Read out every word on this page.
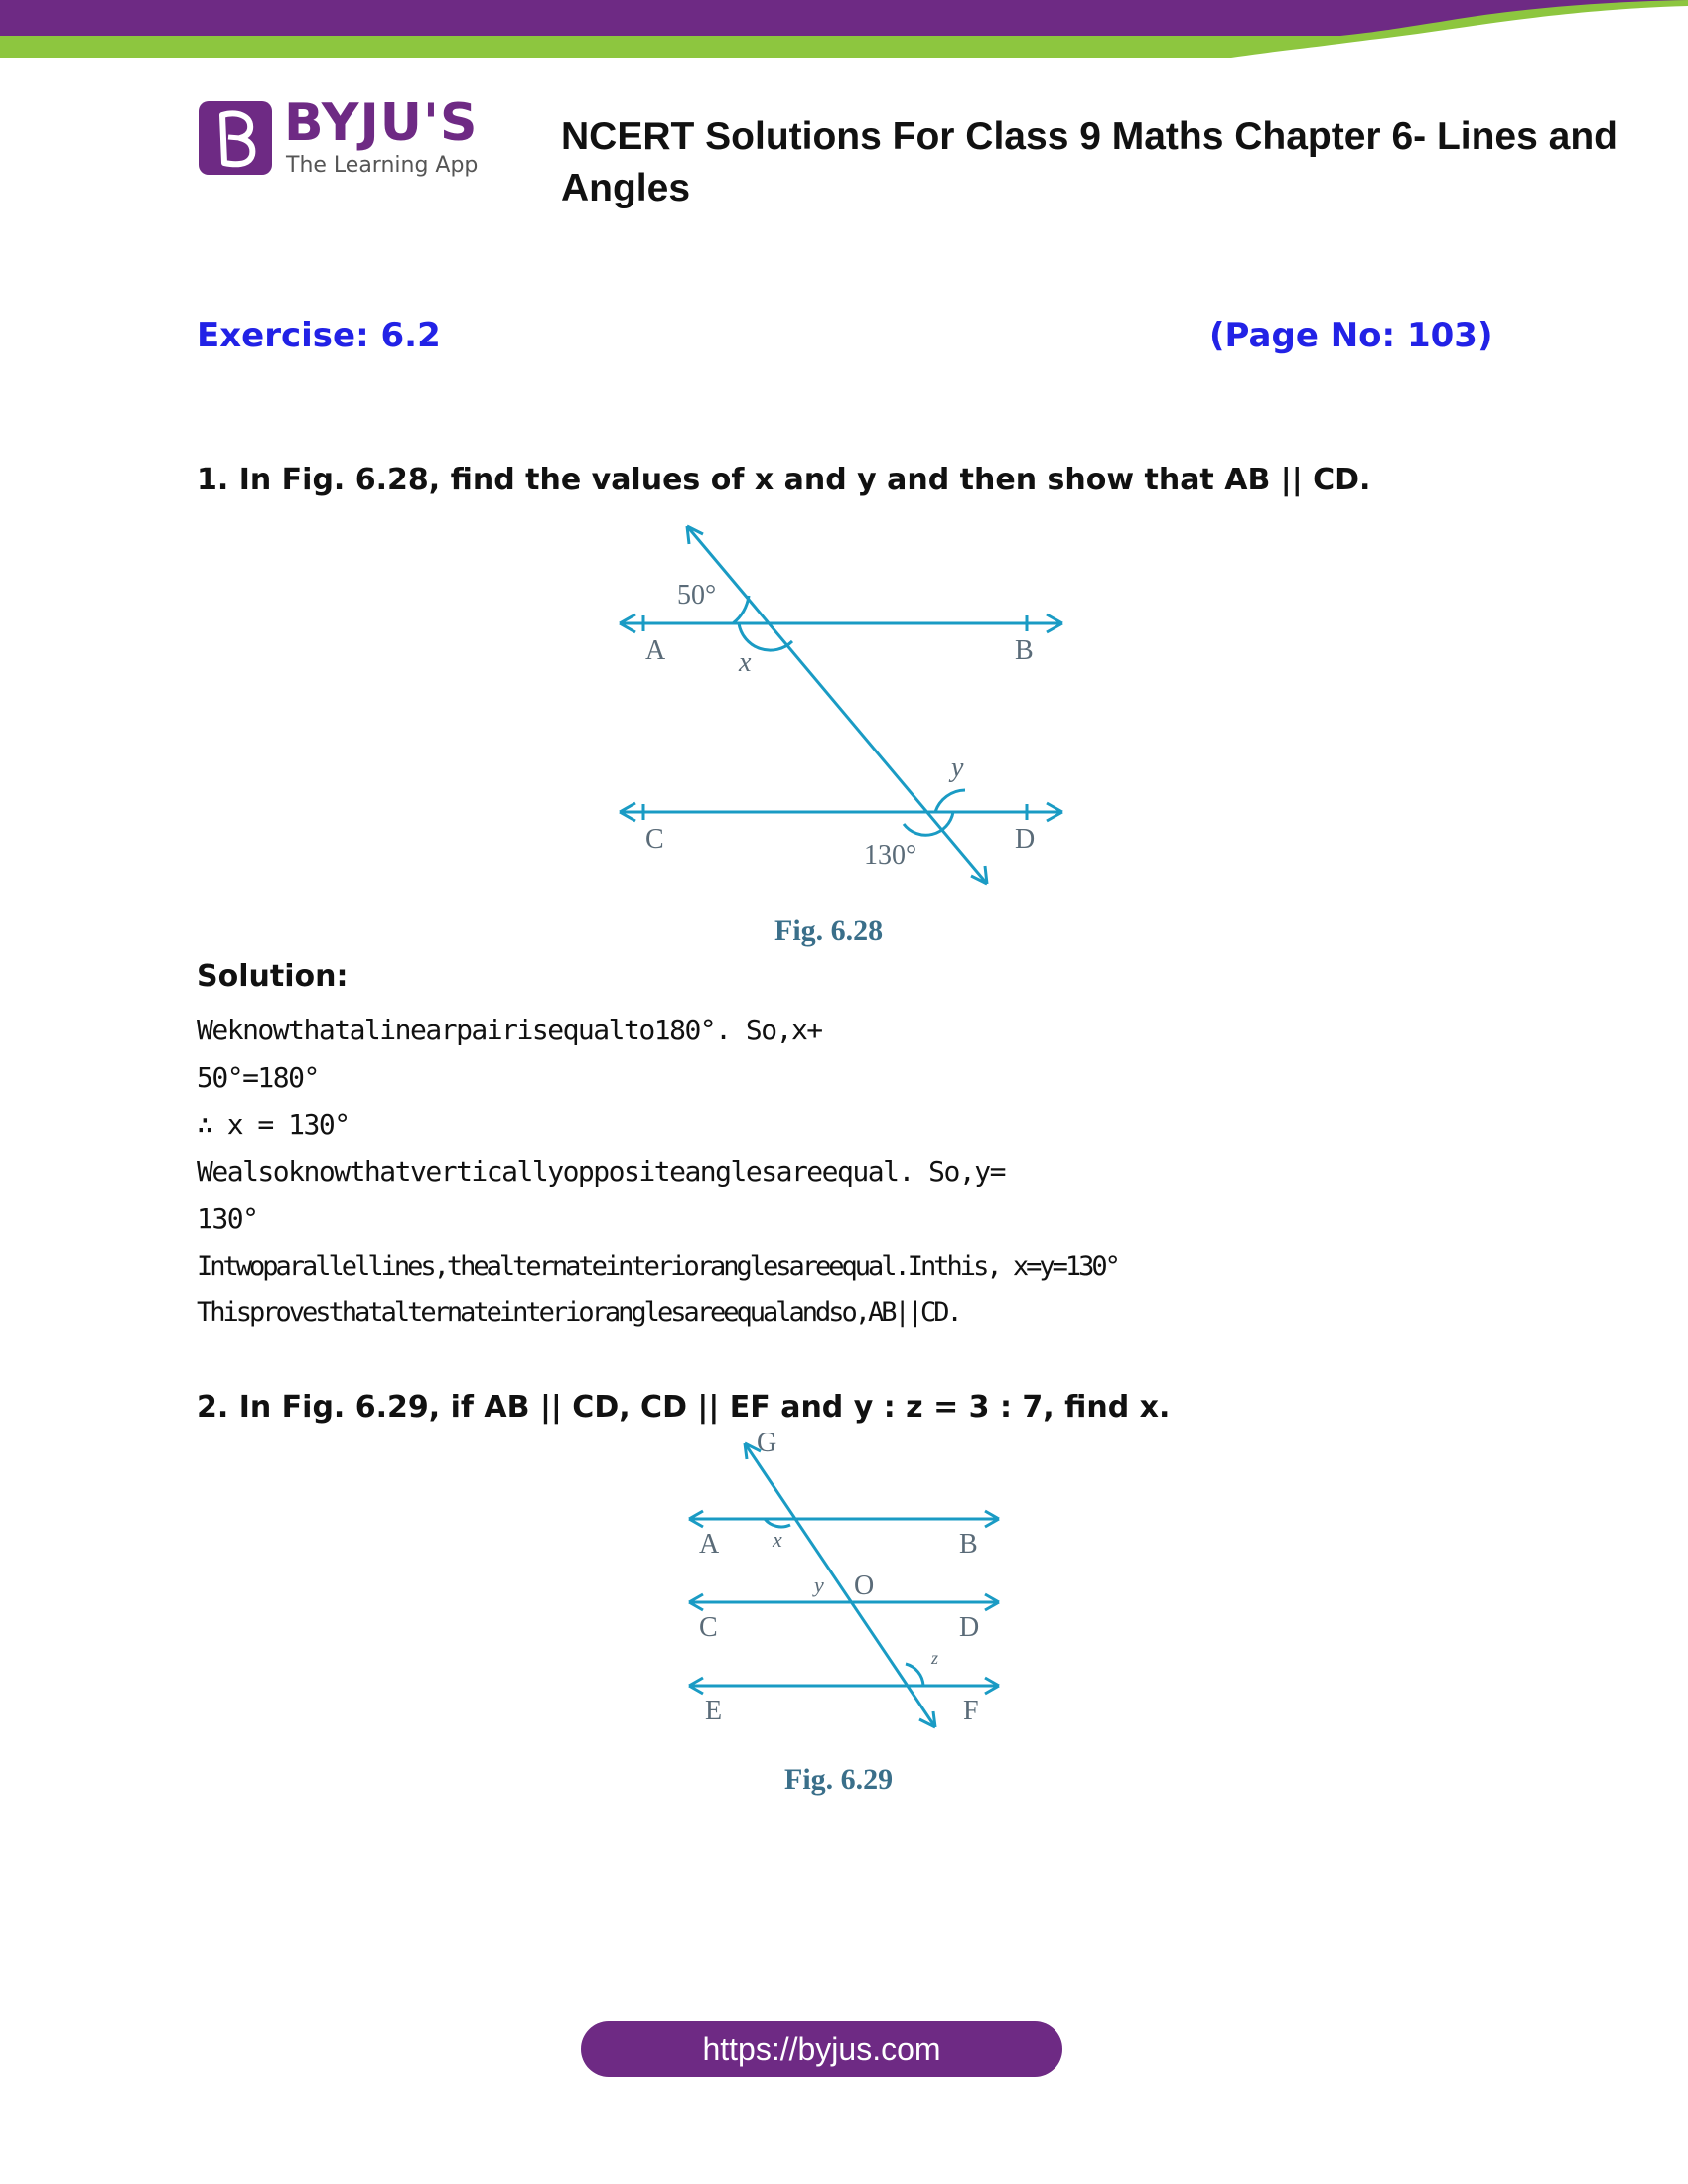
BYJU'S
The Learning App
NCERT Solutions For Class 9 Maths Chapter 6- Lines and Angles
Exercise: 6.2	(Page No: 103)
1. In Fig. 6.28, find the values of x and y and then show that AB || CD.
50°
A	x	B
y
C
130°
D
Fig. 6.28
Solution:
Weknowthatalinearpairisequalto180°. So,x+
50°=180°
∴ x = 130°
Wealsoknowthatverticallyoppositeanglesareequal. So,y=
130°
Intwoparallellines,thealternateinterioranglesareequal.Inthis, x=y=130°
Thisprovesthatalternateinterioranglesareequalandso,AB||CD.
2. In Fig. 6.29, if AB || CD, CD || EF and y : z = 3 : 7, find x.
G
A x	B
y O
C	D
z
E	F
Fig. 6.29
https://byjus.com
